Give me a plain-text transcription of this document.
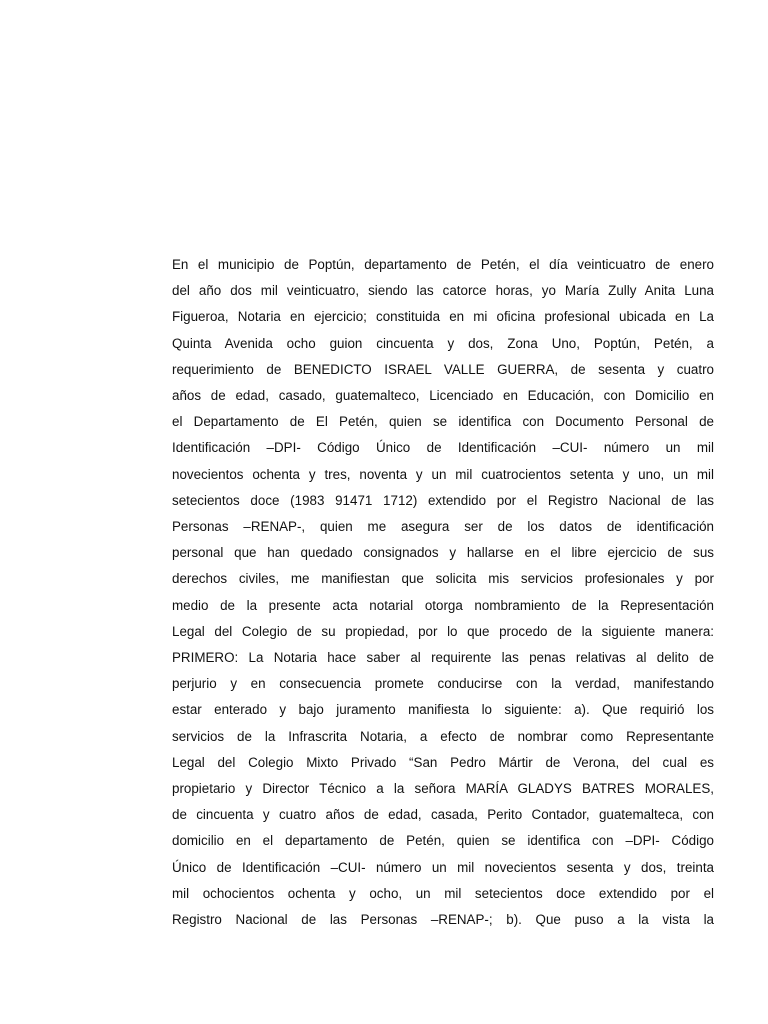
En el municipio de Poptún, departamento de Petén, el día veinticuatro de enero
del año dos mil veinticuatro, siendo las catorce horas, yo María Zully Anita Luna
Figueroa, Notaria en ejercicio; constituida en mi oficina profesional ubicada en La
Quinta Avenida ocho guion cincuenta y dos, Zona Uno, Poptún, Petén, a
requerimiento de BENEDICTO ISRAEL VALLE GUERRA, de sesenta y cuatro
años de edad, casado, guatemalteco, Licenciado en Educación, con Domicilio en
el Departamento de El Petén, quien se identifica con Documento Personal de
Identificación –DPI- Código Único de Identificación –CUI- número un mil
novecientos ochenta y tres, noventa y un mil cuatrocientos setenta y uno, un mil
setecientos doce (1983 91471 1712) extendido por el Registro Nacional de las
Personas –RENAP-, quien me asegura ser de los datos de identificación
personal que han quedado consignados y hallarse en el libre ejercicio de sus
derechos civiles, me manifiestan que solicita mis servicios profesionales y por
medio de la presente acta notarial otorga nombramiento de la Representación
Legal del Colegio de su propiedad, por lo que procedo de la siguiente manera:
PRIMERO: La Notaria hace saber al requirente las penas relativas al delito de
perjurio y en consecuencia promete conducirse con la verdad, manifestando
estar enterado y bajo juramento manifiesta lo siguiente: a). Que requirió los
servicios de la Infrascrita Notaria, a efecto de nombrar como Representante
Legal del Colegio Mixto Privado “San Pedro Mártir de Verona, del cual es
propietario y Director Técnico a la señora MARÍA GLADYS BATRES MORALES,
de cincuenta y cuatro años de edad, casada, Perito Contador, guatemalteca, con
domicilio en el departamento de Petén, quien se identifica con –DPI- Código
Único de Identificación –CUI- número un mil novecientos sesenta y dos, treinta
mil ochocientos ochenta y ocho, un mil setecientos doce extendido por el
Registro Nacional de las Personas –RENAP-; b). Que puso a la vista la
